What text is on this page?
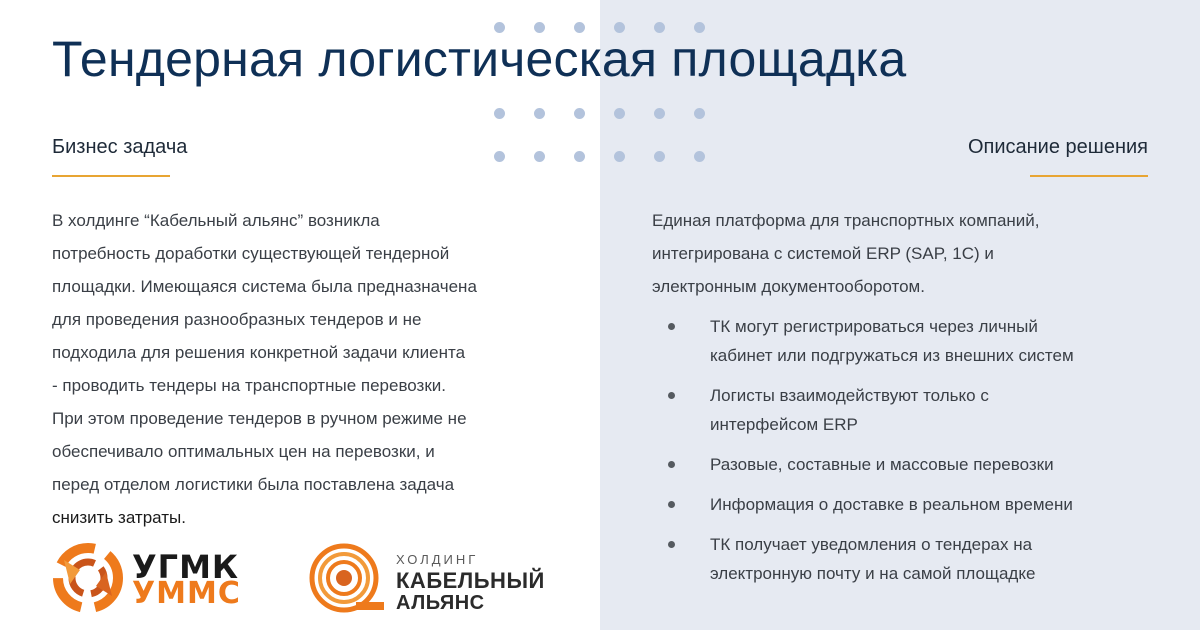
Тендерная логистическая площадка
Бизнес задача	Описание решения
В холдинге “Кабельный альянс” возникла
потребность доработки существующей тендерной
площадки. Имеющаяся система была предназначена
для проведения разнообразных тендеров и не
подходила для решения конкретной задачи клиента
- проводить тендеры на транспортные перевозки.
При этом проведение тендеров в ручном режиме не
обеспечивало оптимальных цен на перевозки, и
перед отделом логистики была поставлена задача
снизить затраты.
Единая платформа для транспортных компаний,
интегрирована с системой ERP (SAP, 1С) и
электронным документооборотом.
ТК могут регистрироваться через личный
кабинет или подгружаться из внешних систем
Логисты взаимодействуют только с
интерфейсом ERP
Разовые, составные и массовые перевозки
Информация о доставке в реальном времени
ТК получает уведомления о тендерах на
электронную почту и на самой площадке
УГМК
УММС
ХОЛДИНГ
КАБЕЛЬНЫЙ
АЛЬЯНС
